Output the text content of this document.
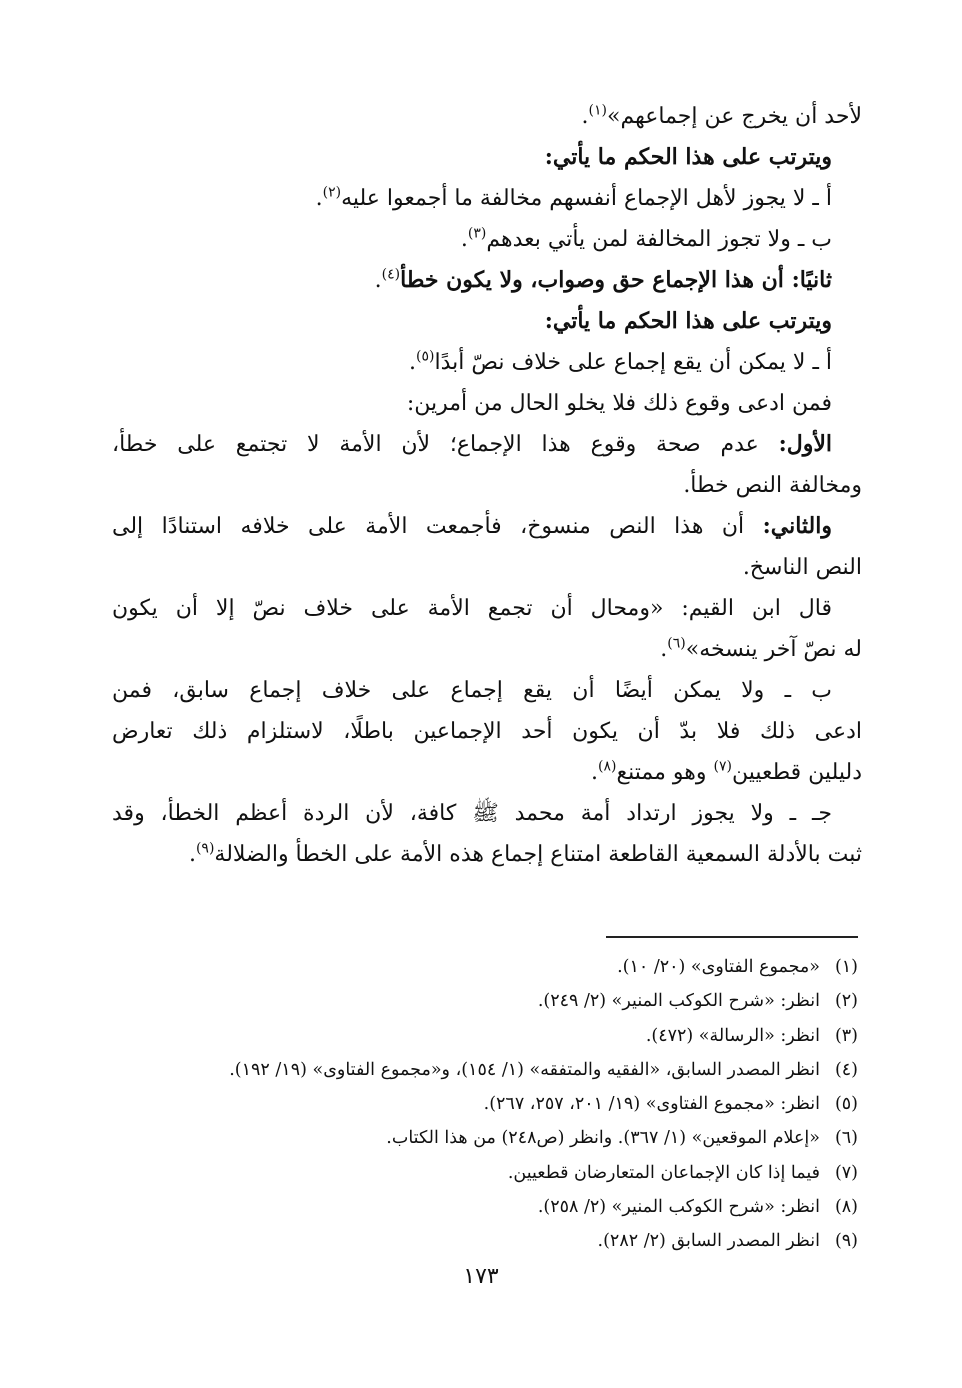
لأحد أن يخرج عن إجماعهم»$^{(١)}$.
ويترتب على هذا الحكم ما يأتي:
أ ـ لا يجوز لأهل الإجماع أنفسهم مخالفة ما أجمعوا عليه$^{(٢)}$.
ب ـ ولا تجوز المخالفة لمن يأتي بعدهم$^{(٣)}$.
ثانيًا: أن هذا الإجماع حق وصواب، ولا يكون خطأ$^{(٤)}$.
ويترتب على هذا الحكم ما يأتي:
أ ـ لا يمكن أن يقع إجماع على خلاف نصّ أبدًا$^{(٥)}$.
فمن ادعى وقوع ذلك فلا يخلو الحال من أمرين:
الأول: عدم صحة وقوع هذا الإجماع؛ لأن الأمة لا تجتمع على خطأ،
ومخالفة النص خطأ.
والثاني: أن هذا النص منسوخ، فأجمعت الأمة على خلافه استنادًا إلى
النص الناسخ.
قال ابن القيم: «ومحال أن تجمع الأمة على خلاف نصّ إلا أن يكون
له نصّ آخر ينسخه»$^{(٦)}$.
ب ـ ولا يمكن أيضًا أن يقع إجماع على خلاف إجماع سابق، فمن
ادعى ذلك فلا بدّ أن يكون أحد الإجماعين باطلًا، لاستلزام ذلك تعارض
دليلين قطعيين$^{(٧)}$ وهو ممتنع$^{(٨)}$.
جـ ـ ولا يجوز ارتداد أمة محمد ﷺ كافة، لأن الردة أعظم الخطأ، وقد
ثبت بالأدلة السمعية القاطعة امتناع إجماع هذه الأمة على الخطأ والضلالة$^{(٩)}$.
(١)«مجموع الفتاوى» (٢٠/ ١٠).
(٢)انظر: «شرح الكوكب المنير» (٢/ ٢٤٩).
(٣)انظر: «الرسالة» (٤٧٢).
(٤)انظر المصدر السابق، «الفقيه والمتفقه» (١/ ١٥٤)، و«مجموع الفتاوى» (١٩/ ١٩٢).
(٥)انظر: «مجموع الفتاوى» (١٩/ ٢٠١، ٢٥٧، ٢٦٧).
(٦)«إعلام الموقعين» (١/ ٣٦٧). وانظر (ص٢٤٨) من هذا الكتاب.
(٧)فيما إذا كان الإجماعان المتعارضان قطعيين.
(٨)انظر: «شرح الكوكب المنير» (٢/ ٢٥٨).
(٩)انظر المصدر السابق (٢/ ٢٨٢).
١٧٣
